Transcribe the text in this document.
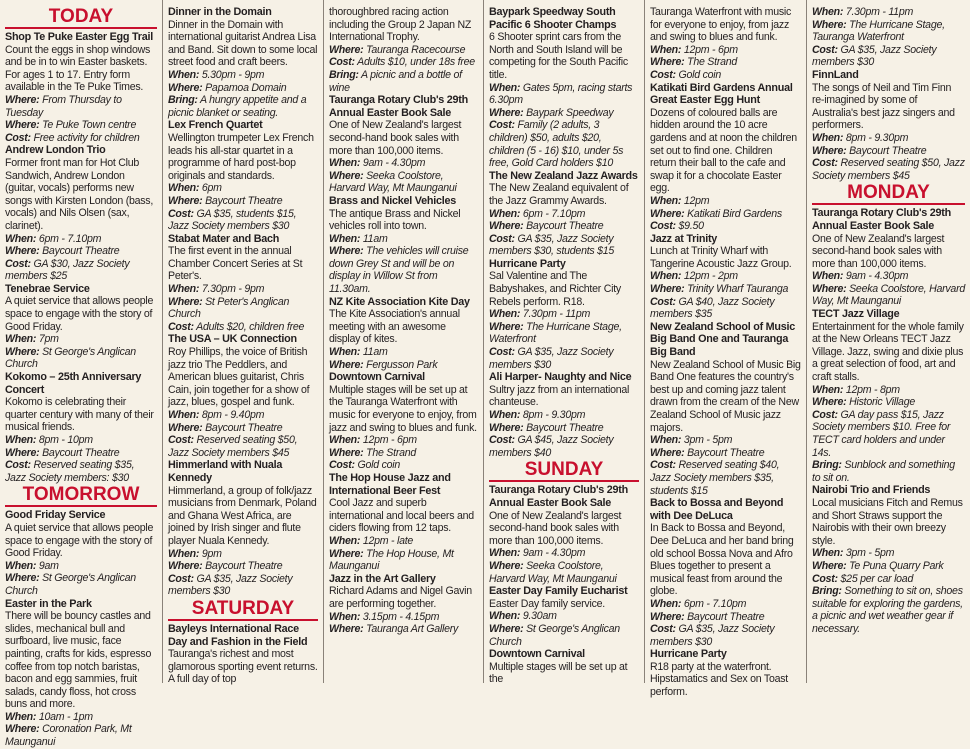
TODAY
Shop Te Puke Easter Egg Trail
Count the eggs in shop windows and be in to win Easter baskets. For ages 1 to 17. Entry form available in the Te Puke Times.
Where: From Thursday to Tuesday
Where: Te Puke Town centre
Cost: Free activity for children
Andrew London Trio
Former front man for Hot Club Sandwich, Andrew London (guitar, vocals) performs new songs with Kirsten London (bass, vocals) and Nils Olsen (sax, clarinet).
When: 6pm - 7.10pm
Where: Baycourt Theatre
Cost: GA $30, Jazz Society members $25
Tenebrae Service
A quiet service that allows people space to engage with the story of Good Friday.
When: 7pm
Where: St George's Anglican Church
Kokomo – 25th Anniversary Concert
Kokomo is celebrating their quarter century with many of their musical friends.
When: 8pm - 10pm
Where: Baycourt Theatre
Cost: Reserved seating $35, Jazz Society members: $30
TOMORROW
Good Friday Service
A quiet service that allows people space to engage with the story of Good Friday.
When: 9am
Where: St George's Anglican Church
Easter in the Park
There will be bouncy castles and slides, mechanical bull and surfboard, live music, face painting, crafts for kids, espresso coffee from top notch baristas, bacon and egg sammies, fruit salads, candy floss, hot cross buns and more.
When: 10am - 1pm
Where: Coronation Park, Mt Maunganui
Dinner in the Domain
Dinner in the Domain with international guitarist Andrea Lisa and Band. Sit down to some local street food and craft beers.
When: 5.30pm - 9pm
Where: Papamoa Domain
Bring: A hungry appetite and a picnic blanket or seating.
Lex French Quartet
Wellington trumpeter Lex French leads his all-star quartet in a programme of hard post-bop originals and standards.
When: 6pm
Where: Baycourt Theatre
Cost: GA $35, students $15, Jazz Society members $30
Stabat Mater and Bach
The first event in the annual Chamber Concert Series at St Peter's.
When: 7.30pm - 9pm
Where: St Peter's Anglican Church
Cost: Adults $20, children free
The USA – UK Connection
Roy Phillips, the voice of British jazz trio The Peddlers, and American blues guitarist, Chris Cain, join together for a show of jazz, blues, gospel and funk.
When: 8pm - 9.40pm
Where: Baycourt Theatre
Cost: Reserved seating $50, Jazz Society members $45
Himmerland with Nuala Kennedy
Himmerland, a group of folk/jazz musicians from Denmark, Poland and Ghana West Africa, are joined by Irish singer and flute player Nuala Kennedy.
When: 9pm
Where: Baycourt Theatre
Cost: GA $35, Jazz Society members $30
SATURDAY
Bayleys International Race Day and Fashion in the Field
Tauranga's richest and most glamorous sporting event returns. A full day of top
thoroughbred racing action including the Group 2 Japan NZ International Trophy.
Where: Tauranga Racecourse
Cost: Adults $10, under 18s free
Bring: A picnic and a bottle of wine
Tauranga Rotary Club's 29th Annual Easter Book Sale
One of New Zealand's largest second-hand book sales with more than 100,000 items.
When: 9am - 4.30pm
Where: Seeka Coolstore, Harvard Way, Mt Maunganui
Brass and Nickel Vehicles
The antique Brass and Nickel vehicles roll into town.
When: 11am
Where: The vehicles will cruise down Grey St and will be on display in Willow St from 11.30am.
NZ Kite Association Kite Day
The Kite Association's annual meeting with an awesome display of kites.
When: 11am
Where: Fergusson Park
Downtown Carnival
Multiple stages will be set up at the Tauranga Waterfront with music for everyone to enjoy, from jazz and swing to blues and funk.
When: 12pm - 6pm
Where: The Strand
Cost: Gold coin
The Hop House Jazz and International Beer Fest
Cool Jazz and superb international and local beers and ciders flowing from 12 taps.
When: 12pm - late
Where: The Hop House, Mt Maunganui
Jazz in the Art Gallery
Richard Adams and Nigel Gavin are performing together.
When: 3.15pm - 4.15pm
Where: Tauranga Art Gallery
Baypark Speedway South Pacific 6 Shooter Champs
6 Shooter sprint cars from the North and South Island will be competing for the South Pacific title.
When: Gates 5pm, racing starts 6.30pm
Where: Baypark Speedway
Cost: Family (2 adults, 3 children) $50, adults $20, children (5 - 16) $10, under 5s free, Gold Card holders $10
The New Zealand Jazz Awards
The New Zealand equivalent of the Jazz Grammy Awards.
When: 6pm - 7.10pm
Where: Baycourt Theatre
Cost: GA $35, Jazz Society members $30, students $15
Hurricane Party
Sal Valentine and The Babyshakes, and Richter City Rebels perform. R18.
When: 7.30pm - 11pm
Where: The Hurricane Stage, Waterfront
Cost: GA $35, Jazz Society members $30
Ali Harper- Naughty and Nice
Sultry jazz from an international chanteuse.
When: 8pm - 9.30pm
Where: Baycourt Theatre
Cost: GA $45, Jazz Society members $40
SUNDAY
Tauranga Rotary Club's 29th Annual Easter Book Sale
One of New Zealand's largest second-hand book sales with more than 100,000 items.
When: 9am - 4.30pm
Where: Seeka Coolstore, Harvard Way, Mt Maunganui
Easter Day Family Eucharist
Easter Day family service.
When: 9.30am
Where: St George's Anglican Church
Downtown Carnival
Multiple stages will be set up at the
Tauranga Waterfront with music for everyone to enjoy, from jazz and swing to blues and funk.
When: 12pm - 6pm
Where: The Strand
Cost: Gold coin
Katikati Bird Gardens Annual Great Easter Egg Hunt
Dozens of coloured balls are hidden around the 10 acre gardens and at noon the children set out to find one. Children return their ball to the cafe and swap it for a chocolate Easter egg.
When: 12pm
Where: Katikati Bird Gardens
Cost: $9.50
Jazz at Trinity
Lunch at Trinity Wharf with Tangerine Acoustic Jazz Group.
When: 12pm - 2pm
Where: Trinity Wharf Tauranga
Cost: GA $40, Jazz Society members $35
New Zealand School of Music Big Band One and Tauranga Big Band
New Zealand School of Music Big Band One features the country's best up and coming jazz talent drawn from the cream of the New Zealand School of Music jazz majors.
When: 3pm - 5pm
Where: Baycourt Theatre
Cost: Reserved seating $40, Jazz Society members $35, students $15
Back to Bossa and Beyond with Dee DeLuca
In Back to Bossa and Beyond, Dee DeLuca and her band bring old school Bossa Nova and Afro Blues together to present a musical feast from around the globe.
When: 6pm - 7.10pm
Where: Baycourt Theatre
Cost: GA $35, Jazz Society members $30
Hurricane Party
R18 party at the waterfront. Hipstamatics and Sex on Toast perform.
When: 7.30pm - 11pm
Where: The Hurricane Stage, Tauranga Waterfront
Cost: GA $35, Jazz Society members $30
FinnLand
The songs of Neil and Tim Finn re-imagined by some of Australia's best jazz singers and performers.
When: 8pm - 9.30pm
Where: Baycourt Theatre
Cost: Reserved seating $50, Jazz Society members $45
MONDAY
Tauranga Rotary Club's 29th Annual Easter Book Sale
One of New Zealand's largest second-hand book sales with more than 100,000 items.
When: 9am - 4.30pm
Where: Seeka Coolstore, Harvard Way, Mt Maunganui
TECT Jazz Village
Entertainment for the whole family at the New Orleans TECT Jazz Village. Jazz, swing and dixie plus a great selection of food, art and craft stalls.
When: 12pm - 8pm
Where: Historic Village
Cost: GA day pass $15, Jazz Society members $10. Free for TECT card holders and under 14s.
Bring: Sunblock and something to sit on.
Nairobi Trio and Friends
Local musicians Fitch and Remus and Short Straws support the Nairobis with their own breezy style.
When: 3pm - 5pm
Where: Te Puna Quarry Park
Cost: $25 per car load
Bring: Something to sit on, shoes suitable for exploring the gardens, a picnic and wet weather gear if necessary.
